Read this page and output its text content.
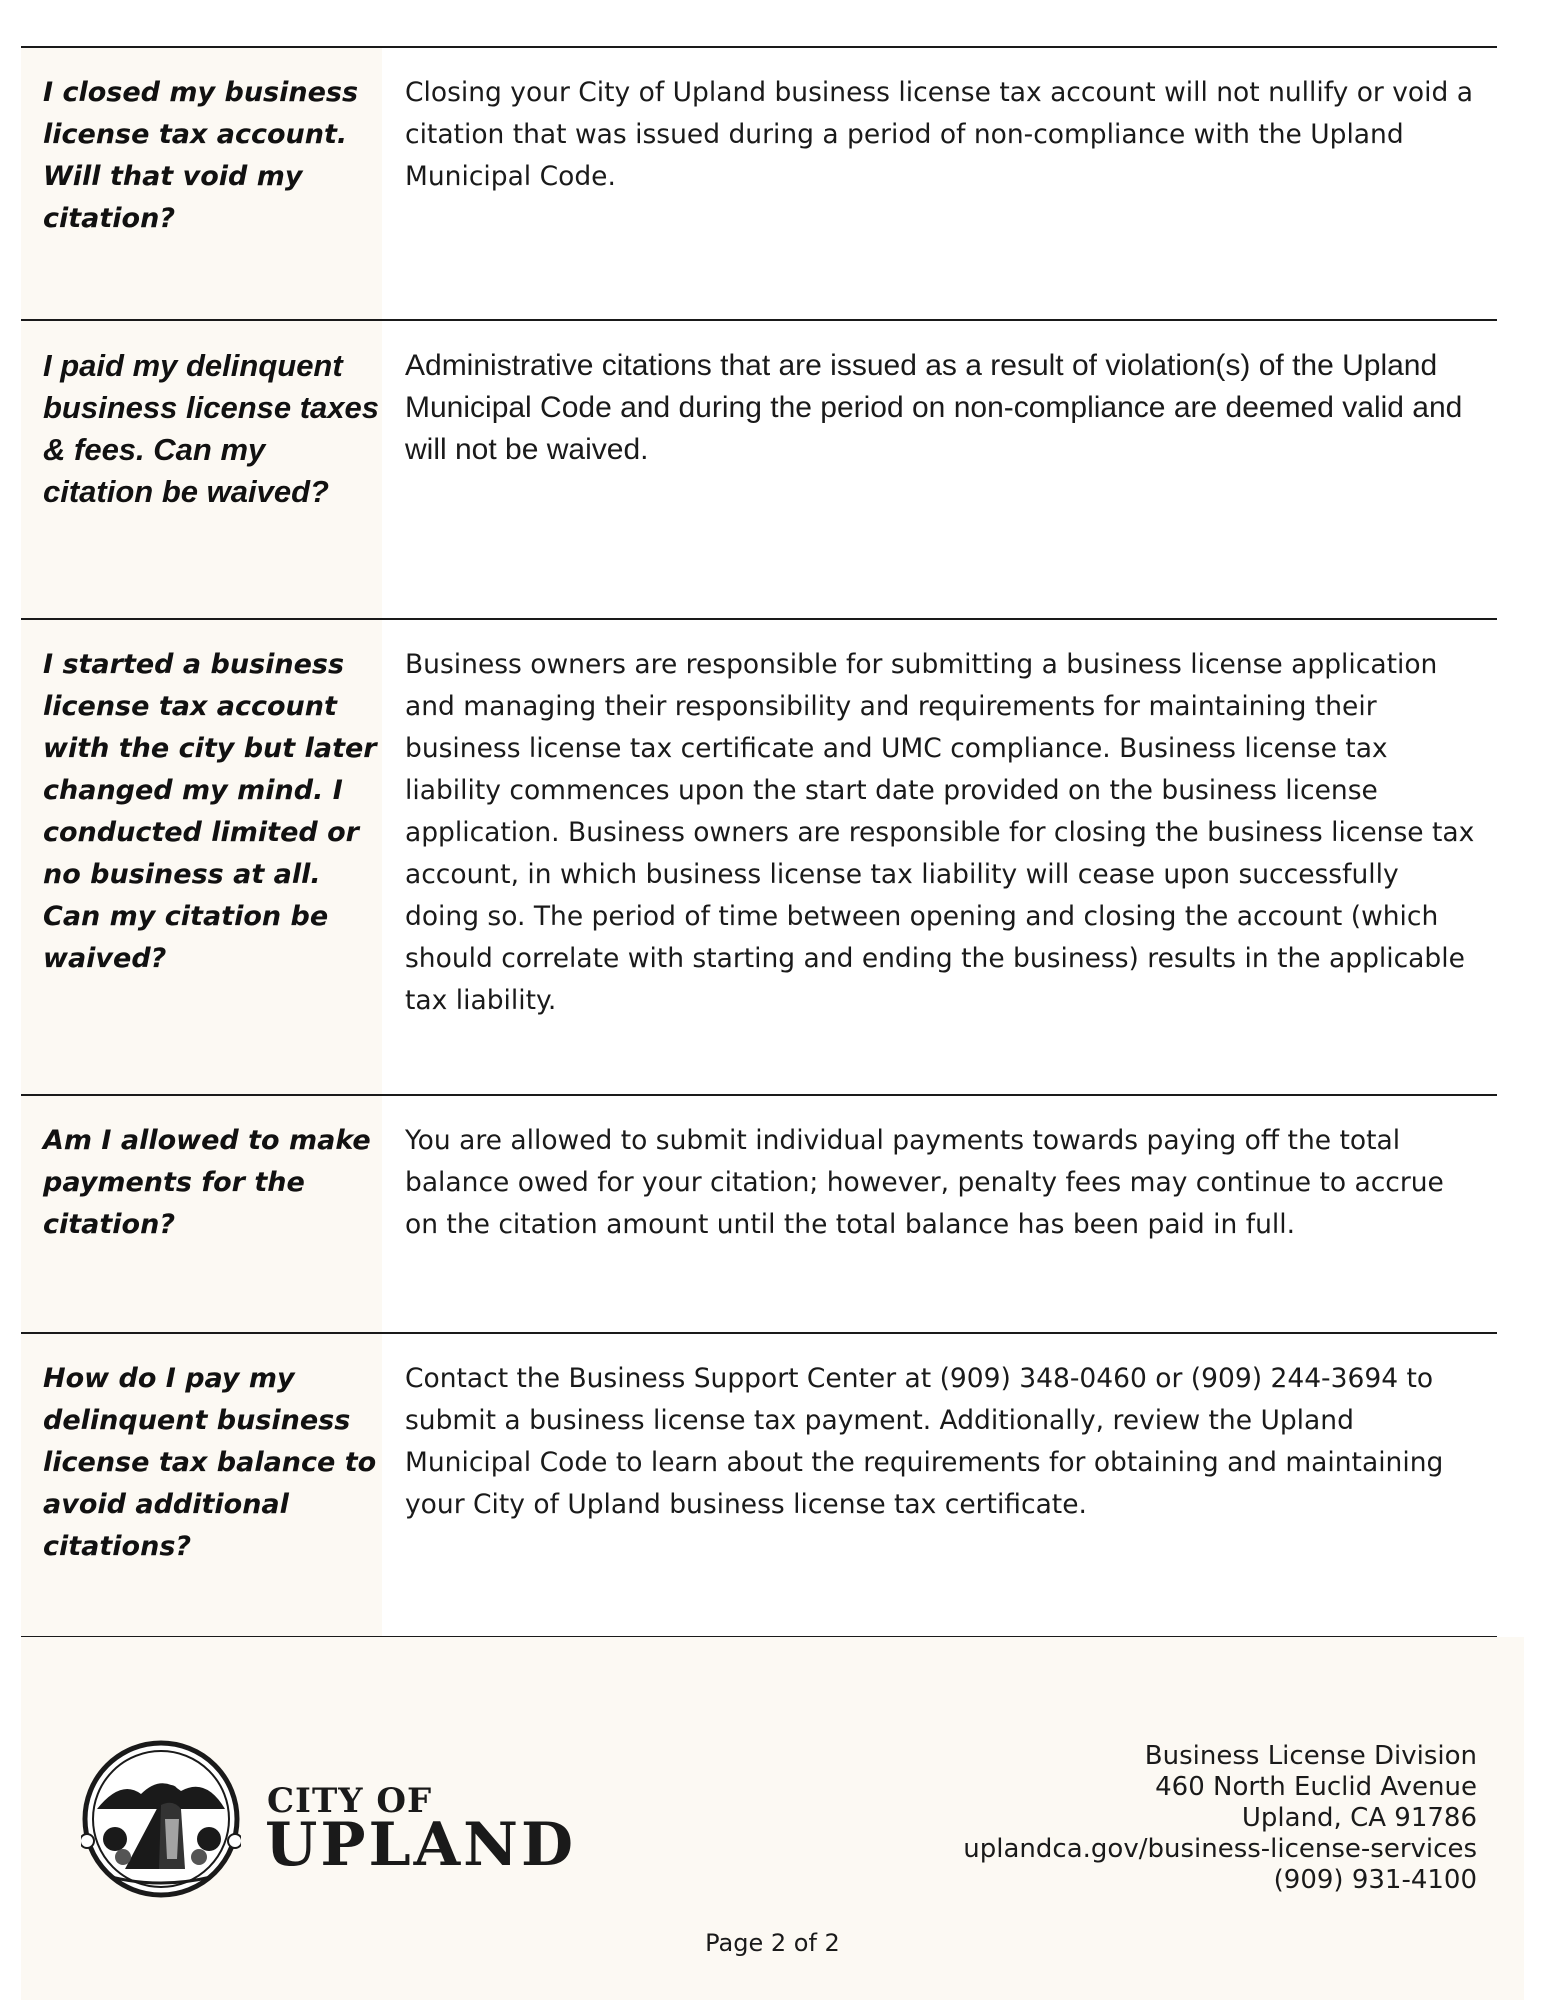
I closed my business license tax account. Will that void my citation?
Closing your City of Upland business license tax account will not nullify or void a citation that was issued during a period of non-compliance with the Upland Municipal Code.
I paid my delinquent business license taxes & fees. Can my citation be waived?
Administrative citations that are issued as a result of violation(s) of the Upland Municipal Code and during the period on non-compliance are deemed valid and will not be waived.
I started a business license tax account with the city but later changed my mind. I conducted limited or no business at all. Can my citation be waived?
Business owners are responsible for submitting a business license application and managing their responsibility and requirements for maintaining their business license tax certificate and UMC compliance. Business license tax liability commences upon the start date provided on the business license application. Business owners are responsible for closing the business license tax account, in which business license tax liability will cease upon successfully doing so. The period of time between opening and closing the account (which should correlate with starting and ending the business) results in the applicable tax liability.
Am I allowed to make payments for the citation?
You are allowed to submit individual payments towards paying off the total balance owed for your citation; however, penalty fees may continue to accrue on the citation amount until the total balance has been paid in full.
How do I pay my delinquent business license tax balance to avoid additional citations?
Contact the Business Support Center at (909) 348-0460 or (909) 244-3694 to submit a business license tax payment. Additionally, review the Upland Municipal Code to learn about the requirements for obtaining and maintaining your City of Upland business license tax certificate.
CITY OF
UPLAND
Business License Division
460 North Euclid Avenue
Upland, CA 91786
uplandca.gov/business-license-services
(909) 931-4100
Page 2 of 2
